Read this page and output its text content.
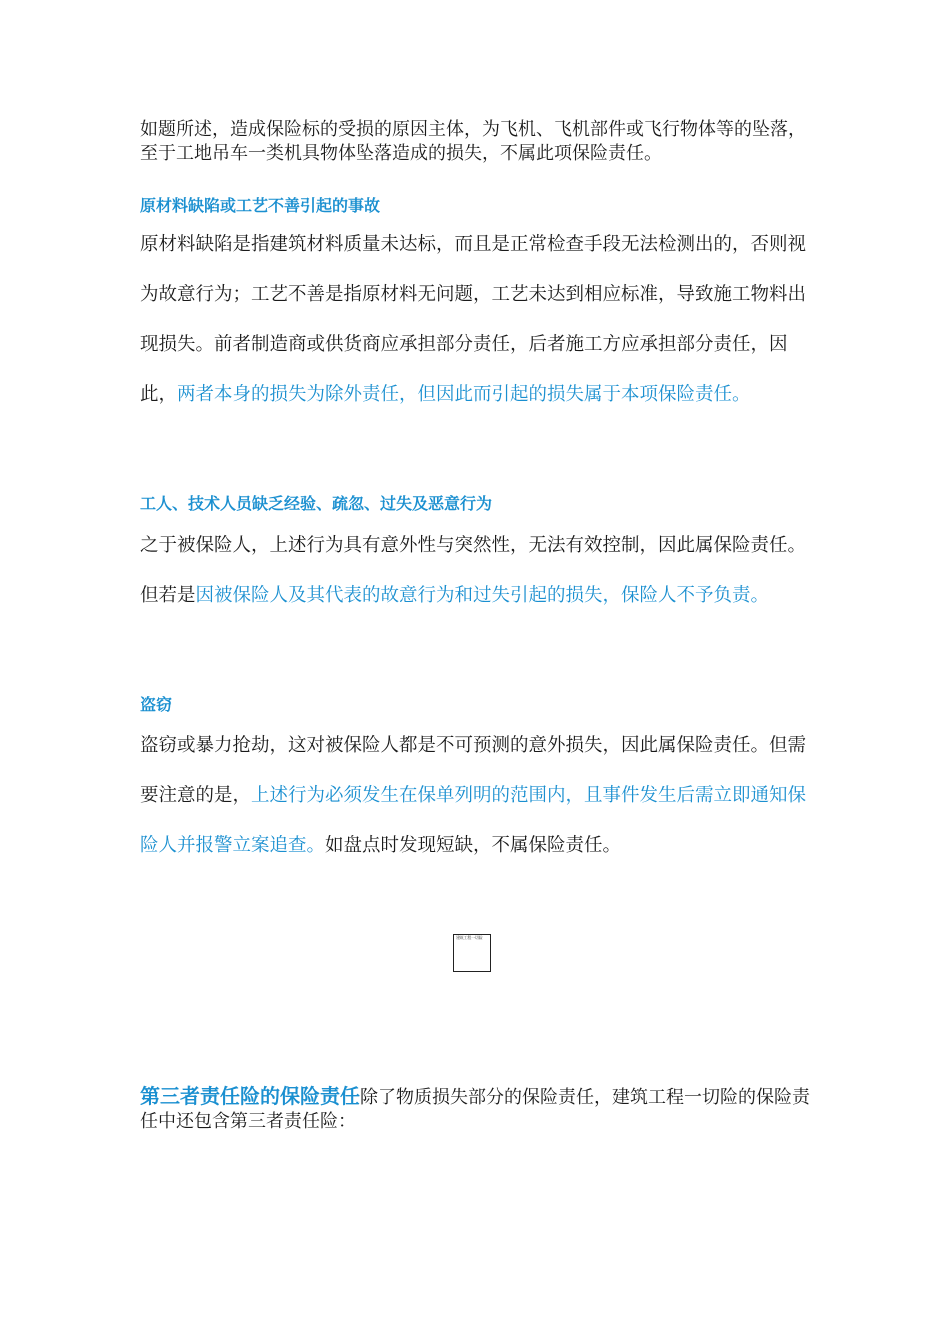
如题所述，造成保险标的受损的原因主体，为飞机、飞机部件或飞行物体等的坠落，至于工地吊车一类机具物体坠落造成的损失，不属此项保险责任。
原材料缺陷或工艺不善引起的事故
原材料缺陷是指建筑材料质量未达标，而且是正常检查手段无法检测出的，否则视为故意行为；工艺不善是指原材料无问题，工艺未达到相应标准，导致施工物料出现损失。前者制造商或供货商应承担部分责任，后者施工方应承担部分责任，因此，两者本身的损失为除外责任，但因此而引起的损失属于本项保险责任。
工人、技术人员缺乏经验、疏忽、过失及恶意行为
之于被保险人，上述行为具有意外性与突然性，无法有效控制，因此属保险责任。但若是因被保险人及其代表的故意行为和过失引起的损失，保险人不予负责。
盗窃
盗窃或暴力抢劫，这对被保险人都是不可预测的意外损失，因此属保险责任。但需要注意的是，上述行为必须发生在保单列明的范围内，且事件发生后需立即通知保险人并报警立案追查。如盘点时发现短缺，不属保险责任。
建筑工程一切险
第三者责任险的保险责任除了物质损失部分的保险责任，建筑工程一切险的保险责任中还包含第三者责任险：
